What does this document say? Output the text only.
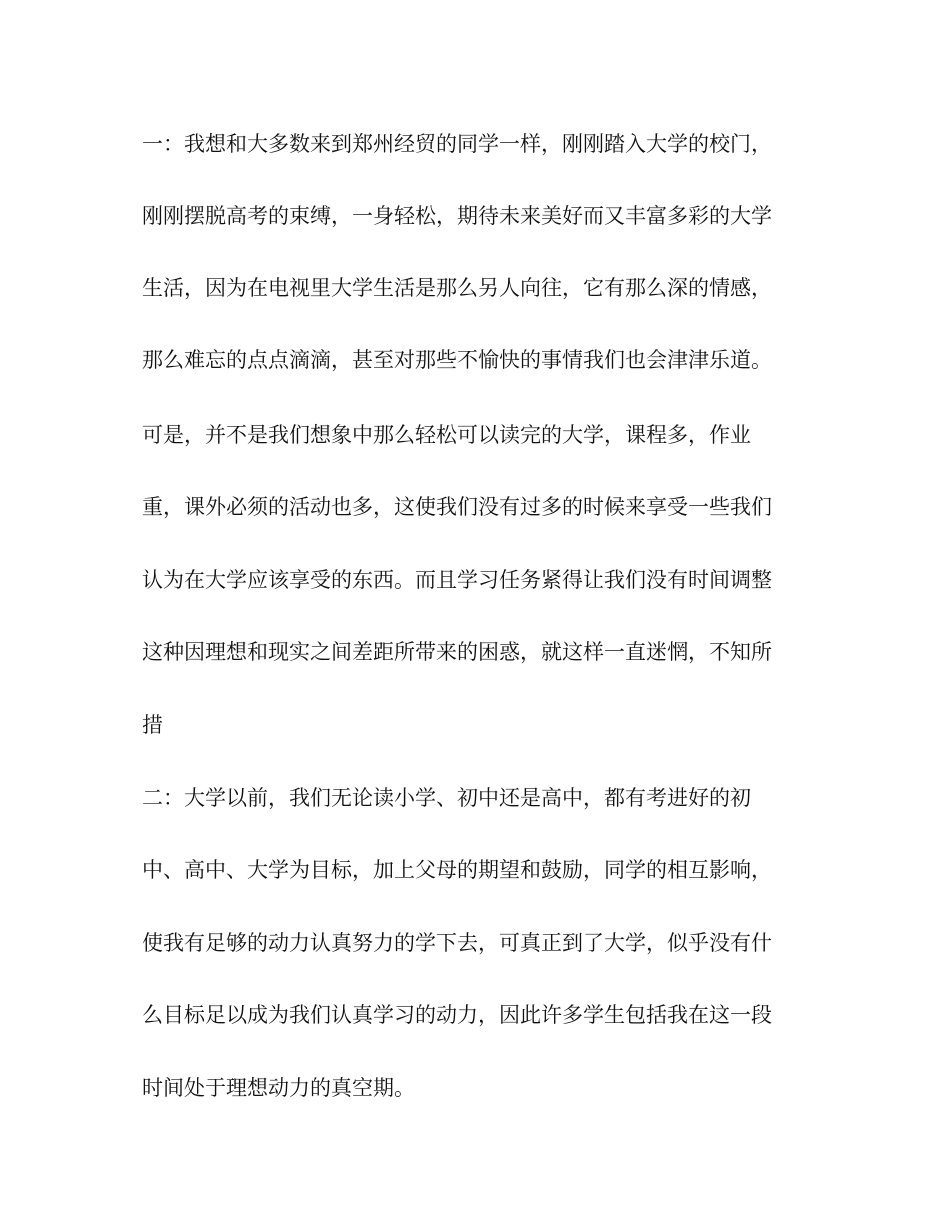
一：我想和大多数来到郑州经贸的同学一样，刚刚踏入大学的校门，
刚刚摆脱高考的束缚，一身轻松，期待未来美好而又丰富多彩的大学
生活，因为在电视里大学生活是那么另人向往，它有那么深的情感，
那么难忘的点点滴滴，甚至对那些不愉快的事情我们也会津津乐道。
可是，并不是我们想象中那么轻松可以读完的大学，课程多，作业
重，课外必须的活动也多，这使我们没有过多的时候来享受一些我们
认为在大学应该享受的东西。而且学习任务紧得让我们没有时间调整
这种因理想和现实之间差距所带来的困惑，就这样一直迷惘，不知所
措
二：大学以前，我们无论读小学、初中还是高中，都有考进好的初
中、高中、大学为目标，加上父母的期望和鼓励，同学的相互影响，
使我有足够的动力认真努力的学下去，可真正到了大学，似乎没有什
么目标足以成为我们认真学习的动力，因此许多学生包括我在这一段
时间处于理想动力的真空期。
